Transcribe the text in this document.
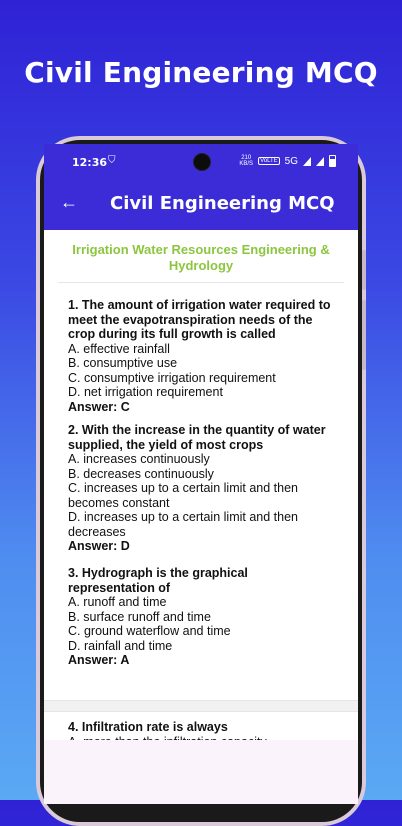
Civil Engineering MCQ
12:36 ⛉	210
KB/S	VoLTE 5G
← Civil Engineering MCQ
Irrigation Water Resources Engineering & Hydrology
1. The amount of irrigation water required to meet the evapotranspiration needs of the crop during its full growth is called
A. effective rainfall
B. consumptive use
C. consumptive irrigation requirement
D. net irrigation requirement
Answer: C
2. With the increase in the quantity of water supplied, the yield of most crops
A. increases continuously
B. decreases continuously
C. increases up to a certain limit and then becomes constant
D. increases up to a certain limit and then decreases
Answer: D
3. Hydrograph is the graphical representation of
A. runoff and time
B. surface runoff and time
C. ground waterflow and time
D. rainfall and time
Answer: A
4. Infiltration rate is always
